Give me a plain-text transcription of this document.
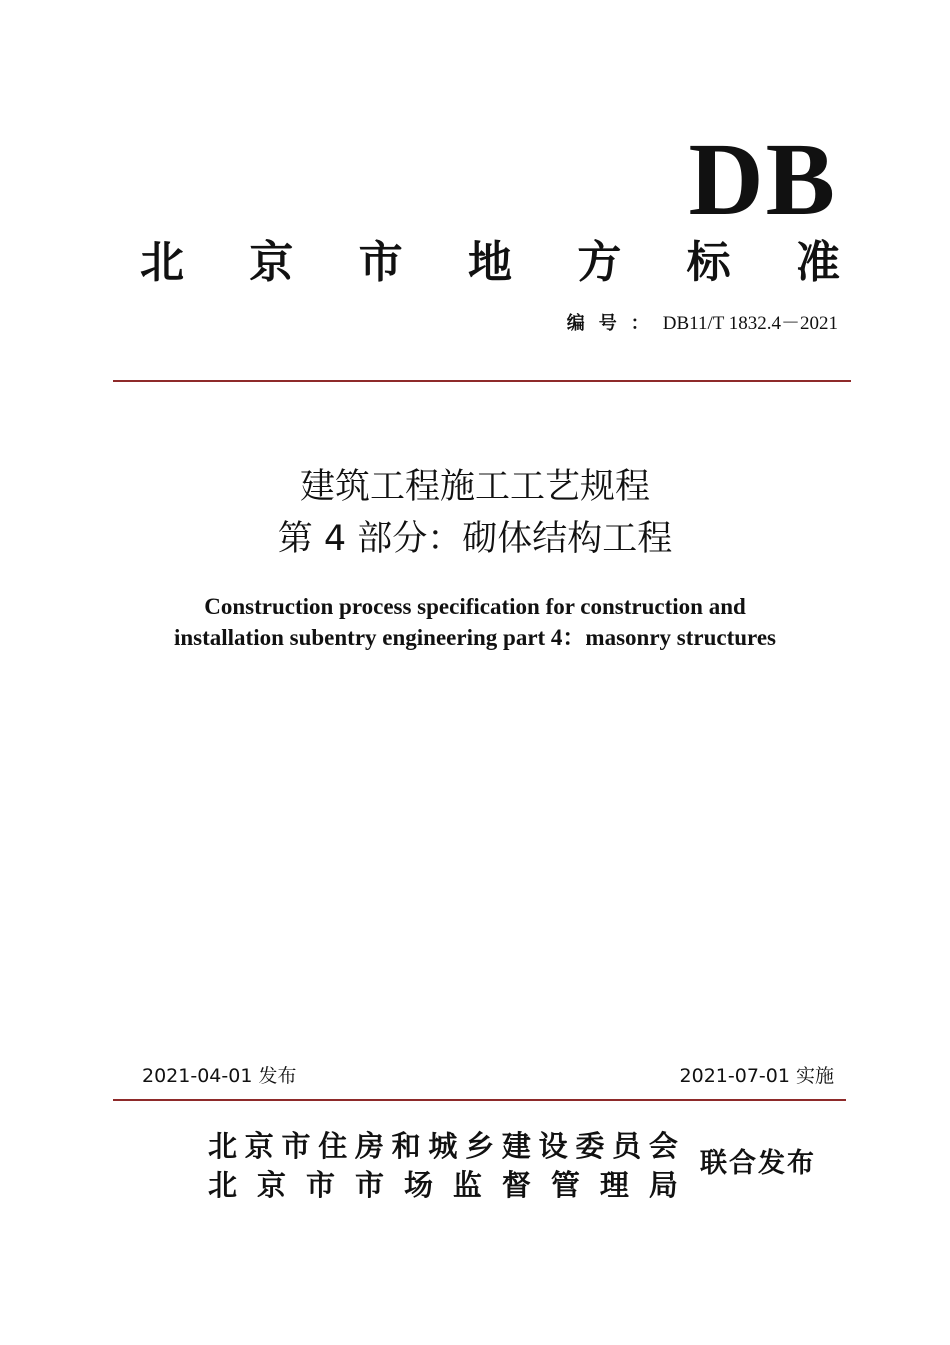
DB
北 京 市 地 方 标 准
编号：DB11/T 1832.4－2021
建筑工程施工工艺规程
第 4 部分：砌体结构工程
Construction process specification for construction and
installation subentry engineering part 4：masonry structures
2021-04-01 发布	2021-07-01 实施
北 京 市 住 房 和 城 乡 建 设 委 员 会
北 京 市 市 场 监 督 管 理 局
联合发布
